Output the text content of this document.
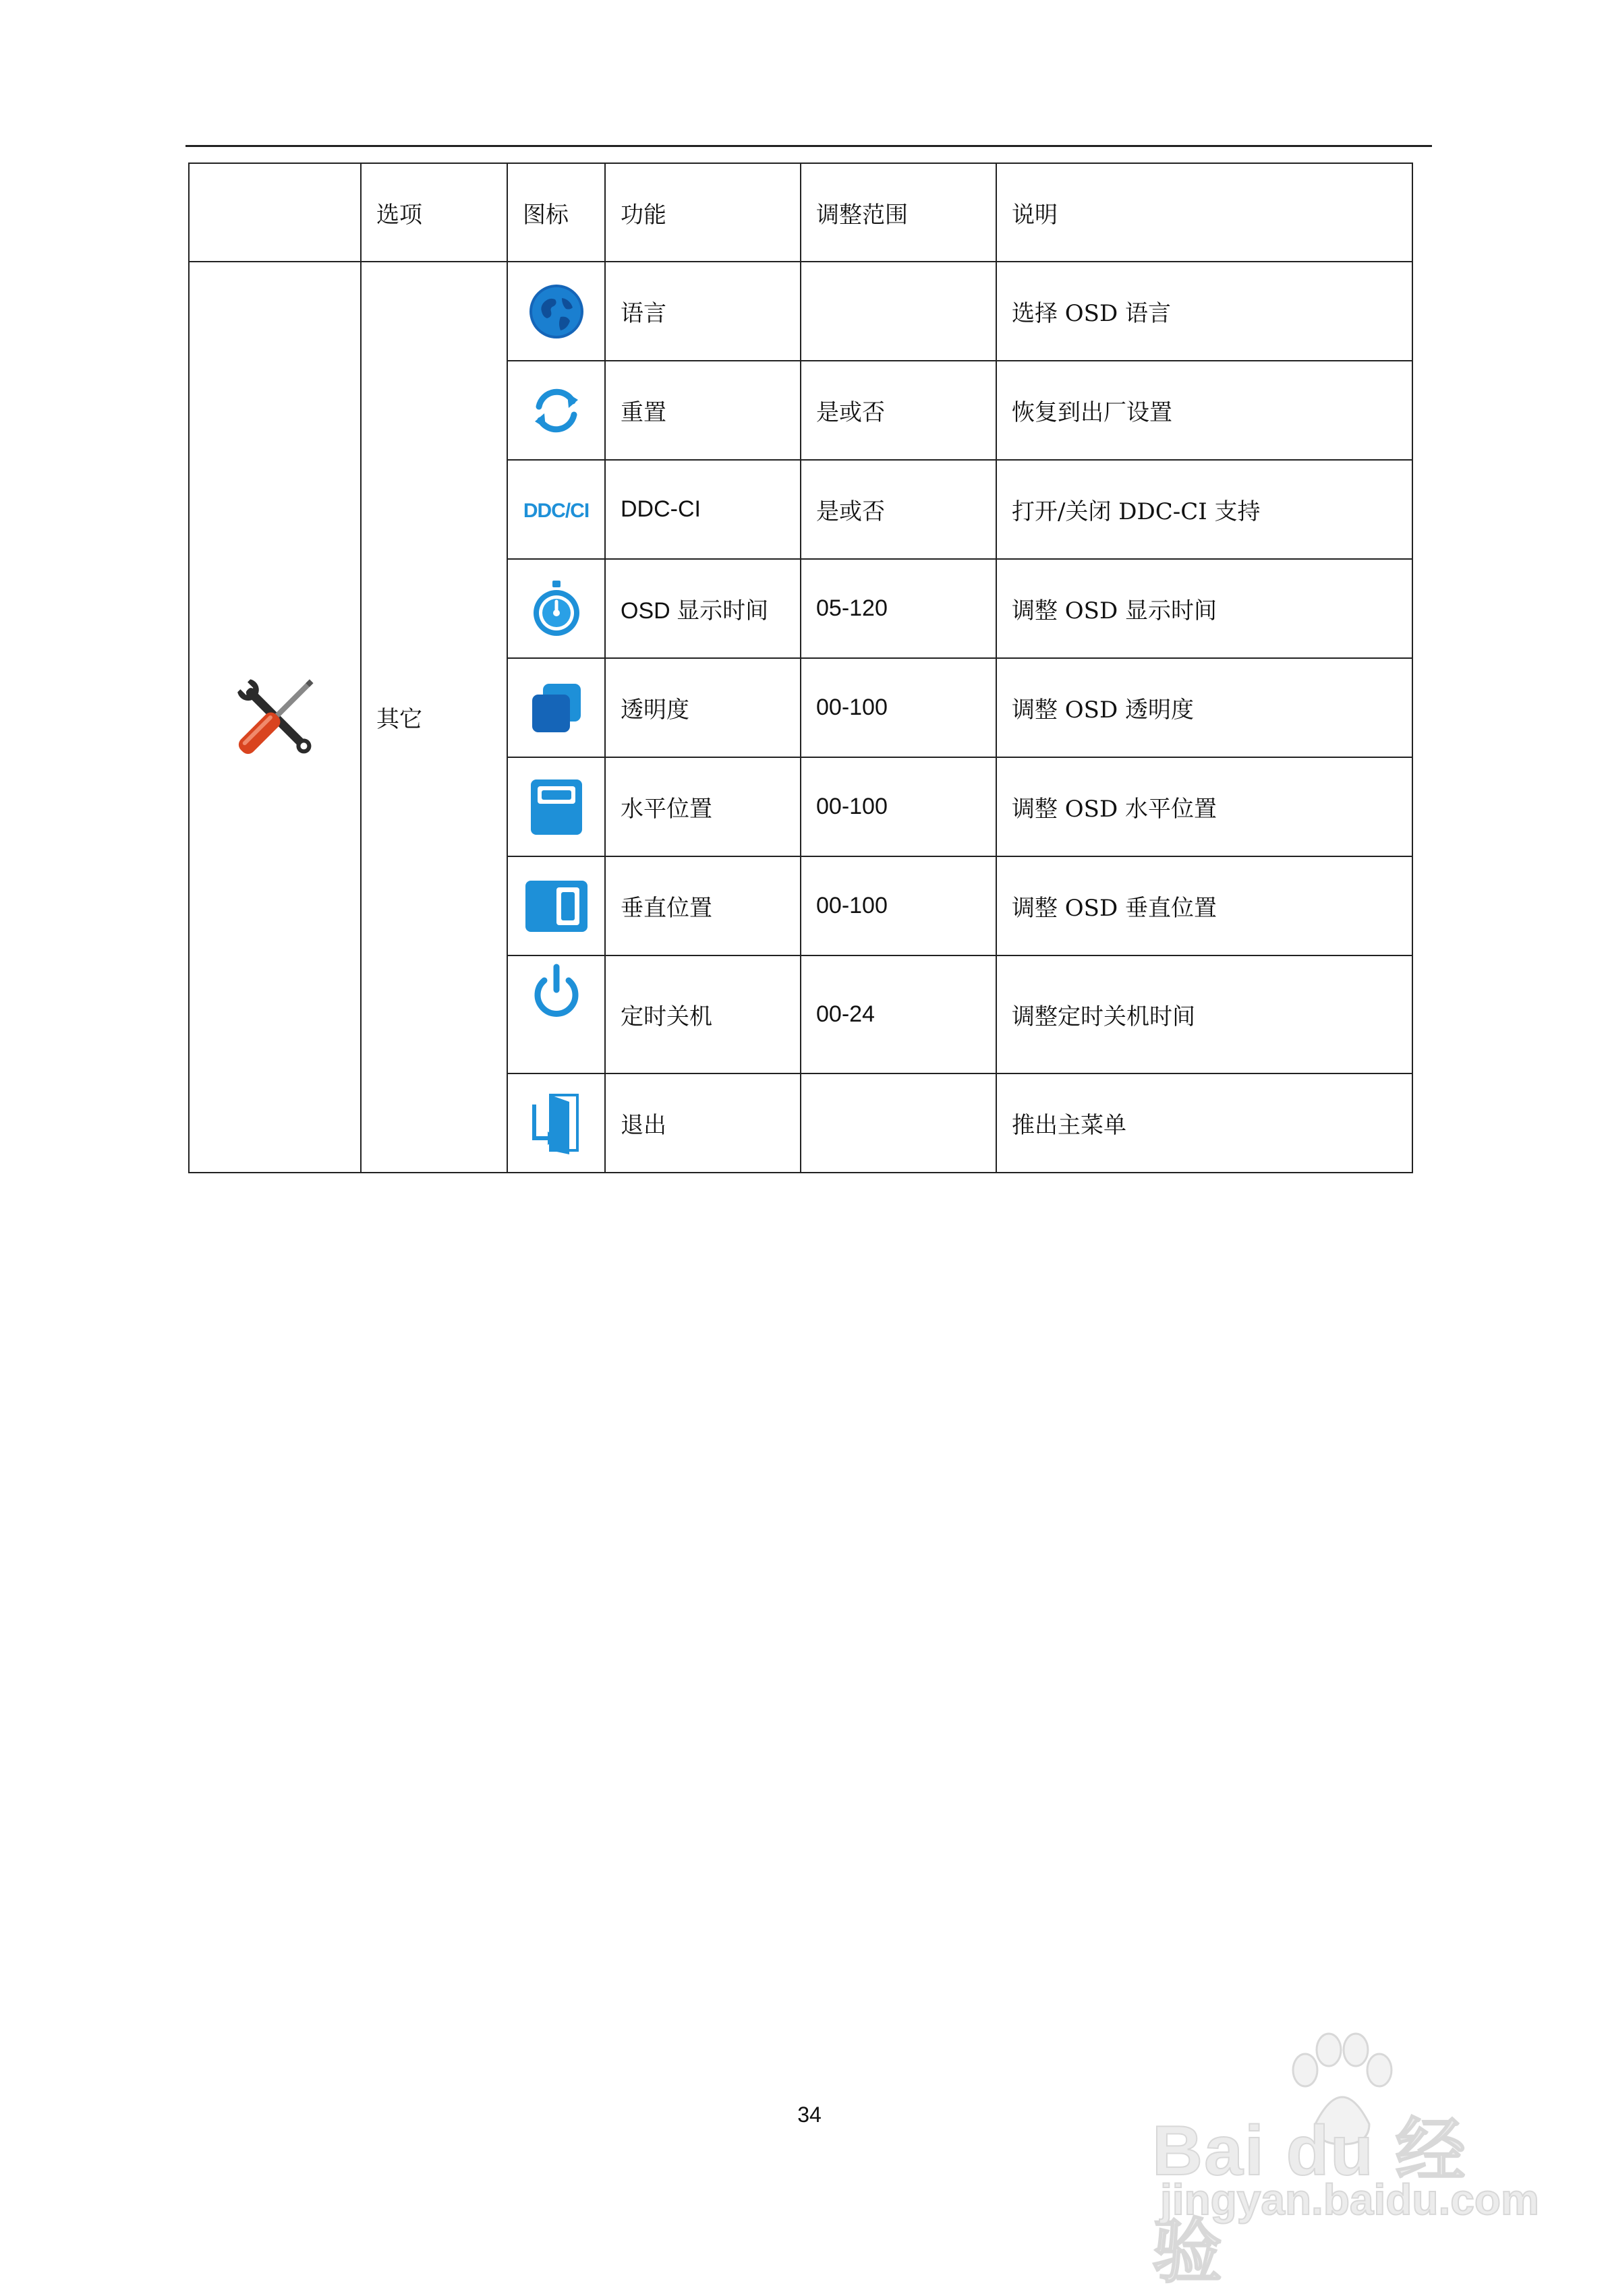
	选项	图标	功能	调整范围	说明

	其它		语言		选择 OSD 语言

	重置	是或否	恢复到出厂设置
		DDC/CI	DDC-CI	是或否	打开/关闭 DDC-CI 支持

	OSD 显示时间	05-120	调整 OSD 显示时间

	透明度	00-100	调整 OSD 透明度

	水平位置	00-100	调整 OSD 水平位置

	垂直位置	00-100	调整 OSD 垂直位置

	定时关机	00-24	调整定时关机时间

	退出		推出主菜单
34	Bai du 经验
jingyan.baidu.com
